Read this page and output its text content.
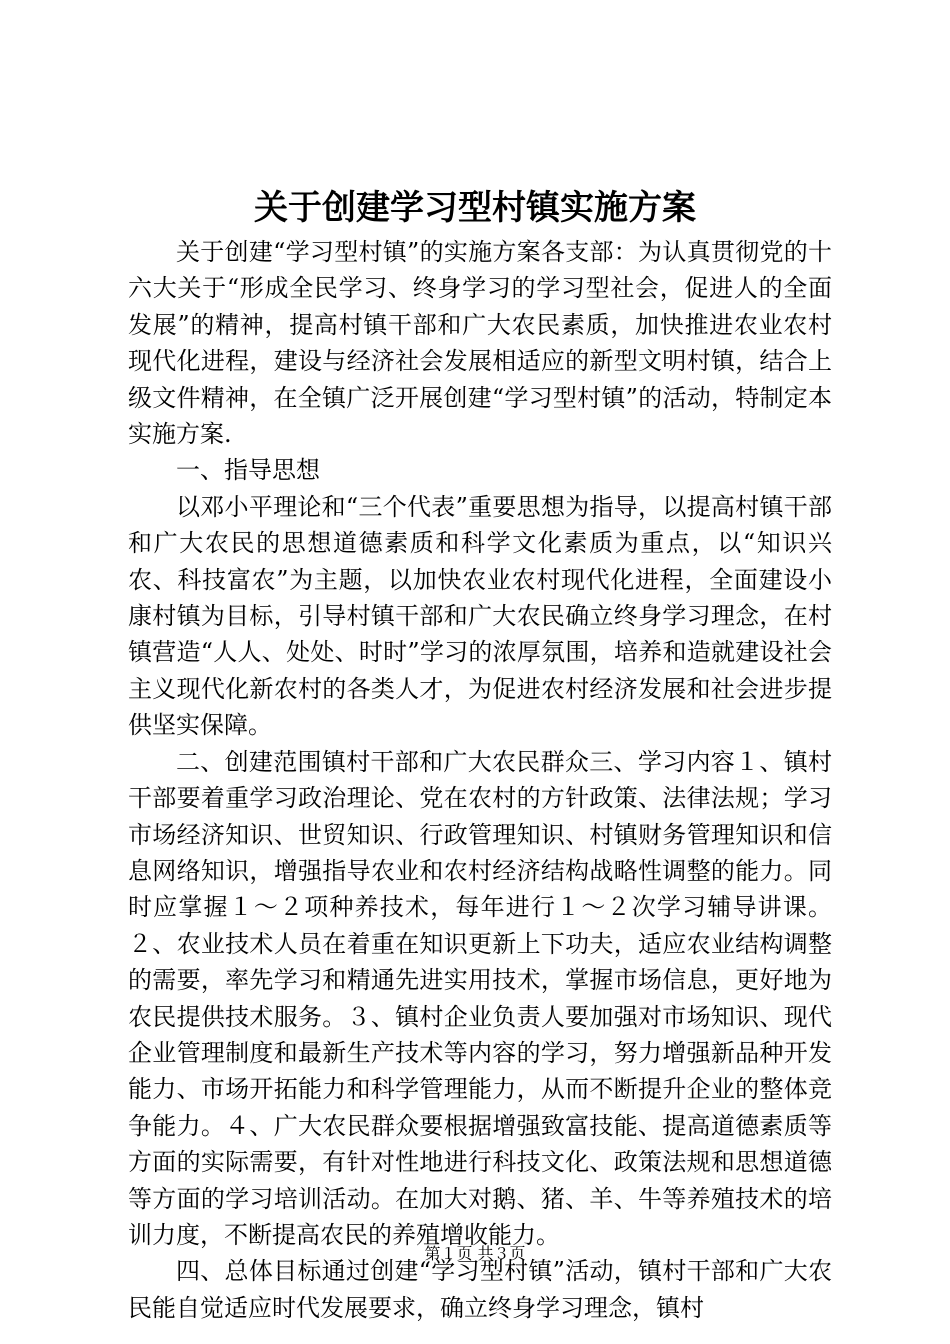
关于创建学习型村镇实施方案

关于创建“学习型村镇”的实施方案各支部：为认真贯彻党的十六大关于“形成全民学习、终身学习的学习型社会，促进人的全面发展”的精神，提高村镇干部和广大农民素质，加快推进农业农村现代化进程，建设与经济社会发展相适应的新型文明村镇，结合上级文件精神，在全镇广泛开展创建“学习型村镇”的活动，特制定本实施方案.

一、指导思想

以邓小平理论和“三个代表”重要思想为指导，以提高村镇干部和广大农民的思想道德素质和科学文化素质为重点，以“知识兴农、科技富农”为主题，以加快农业农村现代化进程，全面建设小康村镇为目标，引导村镇干部和广大农民确立终身学习理念，在村镇营造“人人、处处、时时”学习的浓厚氛围，培养和造就建设社会主义现代化新农村的各类人才，为促进农村经济发展和社会进步提供坚实保障。

二、创建范围镇村干部和广大农民群众三、学习内容１、镇村干部要着重学习政治理论、党在农村的方针政策、法律法规；学习市场经济知识、世贸知识、行政管理知识、村镇财务管理知识和信息网络知识，增强指导农业和农村经济结构战略性调整的能力。同时应掌握１～２项种养技术，每年进行１～２次学习辅导讲课。２、农业技术人员在着重在知识更新上下功夫，适应农业结构调整的需要，率先学习和精通先进实用技术，掌握市场信息，更好地为农民提供技术服务。３、镇村企业负责人要加强对市场知识、现代企业管理制度和最新生产技术等内容的学习，努力增强新品种开发能力、市场开拓能力和科学管理能力，从而不断提升企业的整体竞争能力。４、广大农民群众要根据增强致富技能、提高道德素质等方面的实际需要，有针对性地进行科技文化、政策法规和思想道德等方面的学习培训活动。在加大对鹅、猪、羊、牛等养殖技术的培训力度，不断提高农民的养殖增收能力。

四、总体目标通过创建“学习型村镇”活动，镇村干部和广大农民能自觉适应时代发展要求，确立终身学习理念，镇村

第１页 共３页
